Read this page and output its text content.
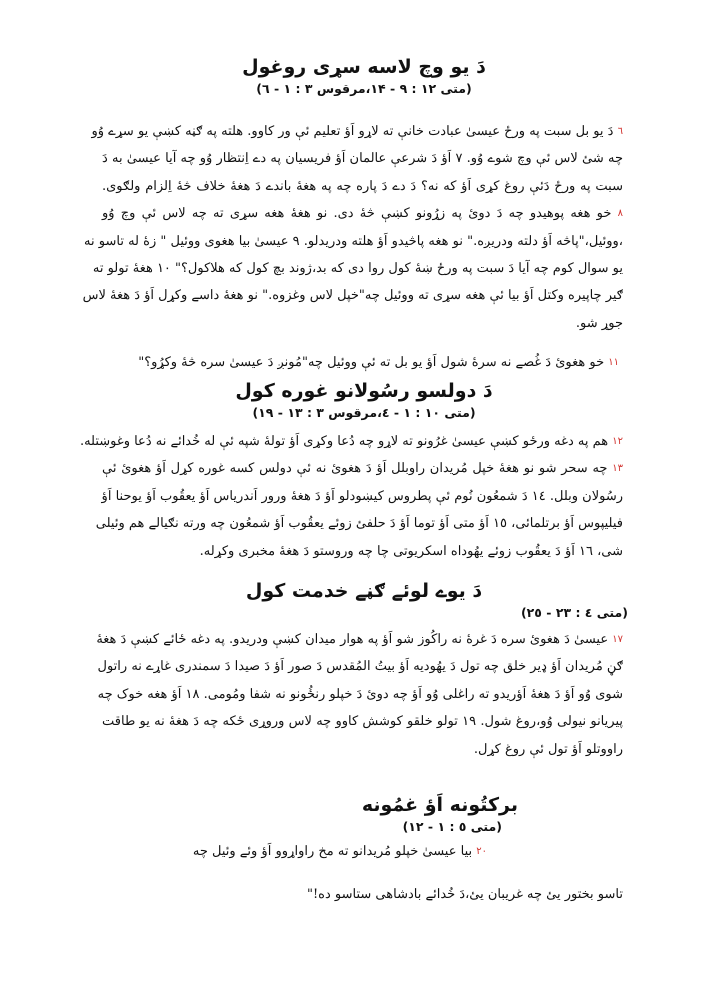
دَ یو وچ لاسه سړی روغول
(متی ۱۲ : ۹ - ۱۴،مرقوس ۳ : ۱ - ٦)
٦ دَ یو بل سبت په ورځ عیسیٰ عبادت خانې ته لاړو اَؤ تعلیم ئې ور کاوو. هلته په ګڼه کښې یو سړے وُو
چه شئ لاس ئې وچ شوے وُو. ٧ اَؤ دَ شرعې عالمان اَؤ فریسیان په دے اِنتظار وُو چه آیا عیسیٰ به دَ
سبت په ورځ دَئې روغ کړی اَؤ که نه؟ دَ دے دَ پاره چه په هغهٔ باندے دَ هغهٔ خلاف څهٔ اِلزام ولګوی.
٨ خو هغه پوهیدو چه دَ دوئ په زړُونو کښې څهٔ دی. نو هغهٔ هغه سړی ته چه لاس ئې وچ وُو
،ووئیل،"پاڅه اَؤ دلته ودریږه." نو هغه پاڅیدو اَؤ هلته ودریدلو. ٩ عیسیٰ بیا هغوی ووئیل " زهٔ له تاسو نه
یو سوال کوم چه آیا دَ سبت په ورځ ښهٔ کول روا دی که بد،ژوند بچ کول که هلاکول؟" ١٠ هغهٔ تولو ته
ګیر چاپیره وکتل اَؤ بیا ئې هغه سړی ته ووئیل چه"خپل لاس وغزوه." نو هغهٔ داسے وکړل اَؤ دَ هغهٔ لاس
جوړ شو.
١١ خو هغوئ دَ غُصے نه سرهٔ شول اَؤ یو بل ته ئې ووئیل چه"مُونږ دَ عیسیٰ سره څهٔ وکړُو؟"
دَ دولسو رسُولانو غوره کول
(متی ١٠ : ١ - ٤،مرقوس ٣ : ١٣ - ١٩)
١٢ هم په دغه ورځو کښې عیسیٰ غرُونو ته لاړو چه دُعا وکړی اَؤ تولهٔ شپه ئې له خُدائے نه دُعا وغوښتله.
١٣ چه سحر شو نو هغهٔ خپل مُریدان راوبلل اَؤ دَ هغوئ نه ئې دولس کسه غوره کړل اَؤ هغوئ ئې
رسُولان وبلل. ١٤ دَ شمعُون نُوم ئې پطروس کیښودلو اَؤ دَ هغهٔ ورور اَندریاس اَؤ یعقُوب اَؤ یوحنا اَؤ
فیلیپوس اَؤ برتلمائی، ١٥ اَؤ متی اَؤ توما اَؤ دَ حلفئ زوئے یعقُوب اَؤ شمعُون چه ورته نګیالے هم وئیلی
شی، ١٦ اَؤ دَ یعقُوب زوئے یهُوداه اسکریوتی چا چه وروستو دَ هغهٔ مخبری وکړله.
دَ یوے لوئے ګڼے خدمت کول
(متی ٤ : ٢٣ - ٢٥)
١٧ عیسیٰ دَ هغوئ سره دَ غرهٔ نه راکُوز شو اَؤ په هوار میدان کښې ودریدو. په دغه ځائے کښې دَ هغهٔ
ګڼ مُریدان اَؤ ډیر خلق چه تول دَ یهُودیه اَؤ بیتُ المُقدس دَ صور اَؤ دَ صیدا دَ سمندری غاړے نه راتول
شوی وُو اَؤ دَ هغهٔ اَؤریدو ته راغلی وُو اَؤ چه دوئ دَ خپلو رنځُونو نه شفا ومُومی. ١٨ اَؤ هغه خوک چه
پیریانو نیولی وُو،روغ شول. ١٩ تولو خلقو کوشش کاوو چه لاس وروړی ځکه چه دَ هغهٔ نه یو طاقت
راووتلو اَؤ تول ئې روغ کړل.
برکتُونه اَؤ غمُونه
(متی ٥ : ١ - ١٢)
٢٠ بیا عیسیٰ خپلو مُریدانو ته مخ راواړوو اَؤ وئے وئیل چه
تاسو بختور یئ چه غریبان یئ،دَ خُدائے بادشاهی ستاسو ده!"
